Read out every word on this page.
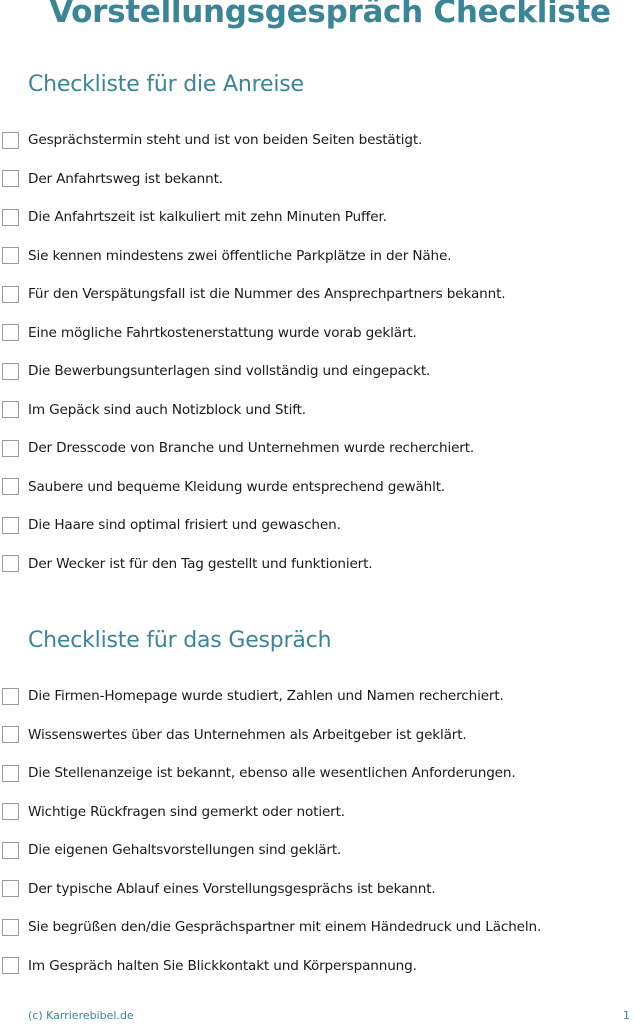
Vorstellungsgespräch Checkliste
Checkliste für die Anreise
Gesprächstermin steht und ist von beiden Seiten bestätigt.
Der Anfahrtsweg ist bekannt.
Die Anfahrtszeit ist kalkuliert mit zehn Minuten Puffer.
Sie kennen mindestens zwei öffentliche Parkplätze in der Nähe.
Für den Verspätungsfall ist die Nummer des Ansprechpartners bekannt.
Eine mögliche Fahrtkostenerstattung wurde vorab geklärt.
Die Bewerbungsunterlagen sind vollständig und eingepackt.
Im Gepäck sind auch Notizblock und Stift.
Der Dresscode von Branche und Unternehmen wurde recherchiert.
Saubere und bequeme Kleidung wurde entsprechend gewählt.
Die Haare sind optimal frisiert und gewaschen.
Der Wecker ist für den Tag gestellt und funktioniert.
Checkliste für das Gespräch
Die Firmen-Homepage wurde studiert, Zahlen und Namen recherchiert.
Wissenswertes über das Unternehmen als Arbeitgeber ist geklärt.
Die Stellenanzeige ist bekannt, ebenso alle wesentlichen Anforderungen.
Wichtige Rückfragen sind gemerkt oder notiert.
Die eigenen Gehaltsvorstellungen sind geklärt.
Der typische Ablauf eines Vorstellungsgesprächs ist bekannt.
Sie begrüßen den/die Gesprächspartner mit einem Händedruck und Lächeln.
Im Gespräch halten Sie Blickkontakt und Körperspannung.
(c) Karrierebibel.de	1
